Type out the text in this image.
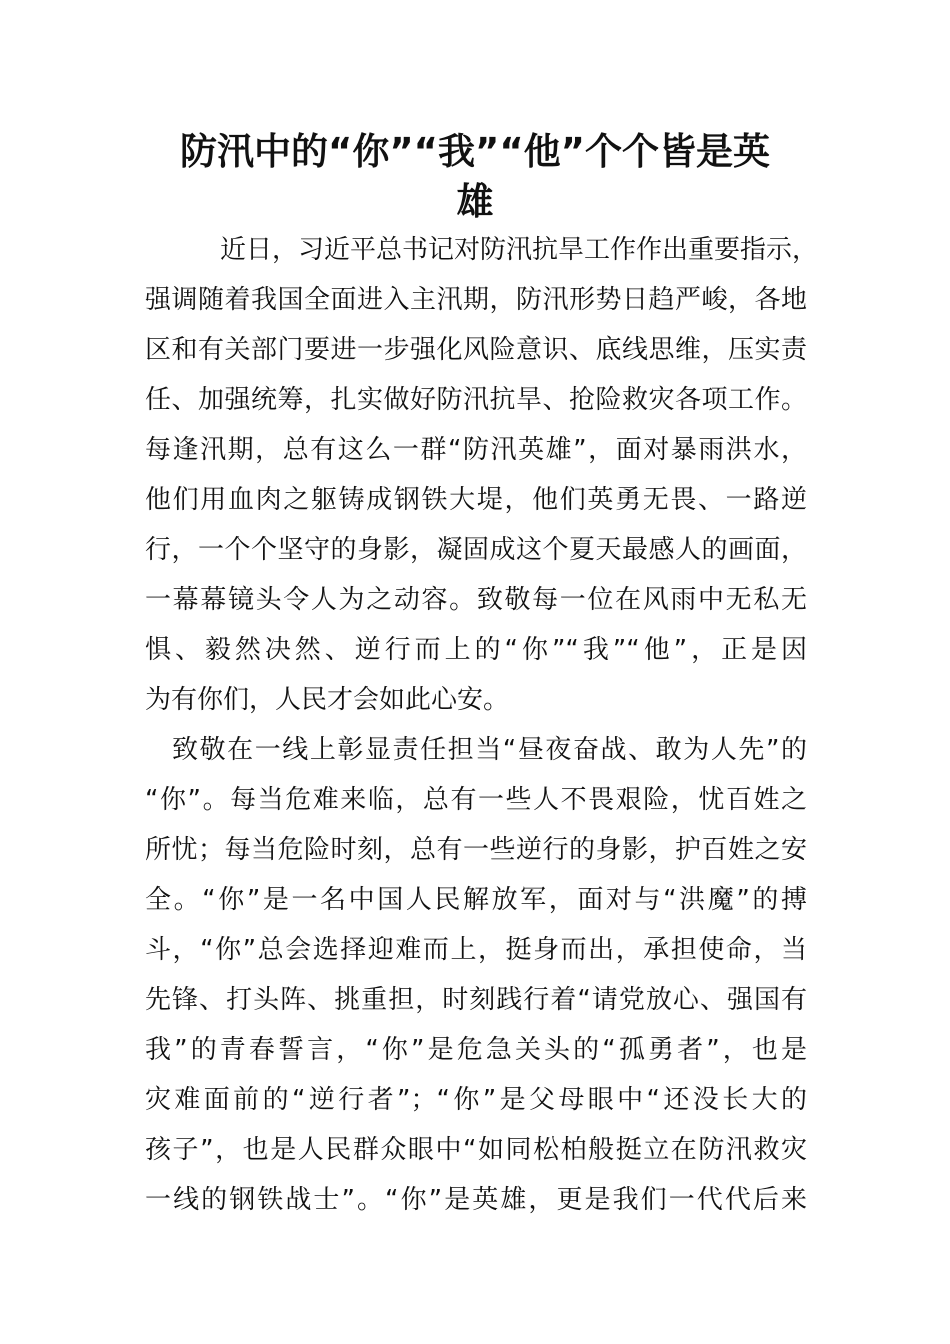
防汛中的“你”“我”“他”个个皆是英
雄
近日，习近平总书记对防汛抗旱工作作出重要指示，
强调随着我国全面进入主汛期，防汛形势日趋严峻，各地
区和有关部门要进一步强化风险意识、底线思维，压实责
任、加强统筹，扎实做好防汛抗旱、抢险救灾各项工作。
每逢汛期，总有这么一群“防汛英雄”，面对暴雨洪水，
他们用血肉之躯铸成钢铁大堤，他们英勇无畏、一路逆
行，一个个坚守的身影，凝固成这个夏天最感人的画面，
一幕幕镜头令人为之动容。致敬每一位在风雨中无私无
惧、毅然决然、逆行而上的“你”“我”“他”，正是因
为有你们，人民才会如此心安。
致敬在一线上彰显责任担当“昼夜奋战、敢为人先”的
“你”。每当危难来临，总有一些人不畏艰险，忧百姓之
所忧；每当危险时刻，总有一些逆行的身影，护百姓之安
全。“你”是一名中国人民解放军，面对与“洪魔”的搏
斗，“你”总会选择迎难而上，挺身而出，承担使命，当
先锋、打头阵、挑重担，时刻践行着“请党放心、强国有
我”的青春誓言，“你”是危急关头的“孤勇者”，也是
灾难面前的“逆行者”；“你”是父母眼中“还没长大的
孩子”，也是人民群众眼中“如同松柏般挺立在防汛救灾
一线的钢铁战士”。“你”是英雄，更是我们一代代后来
